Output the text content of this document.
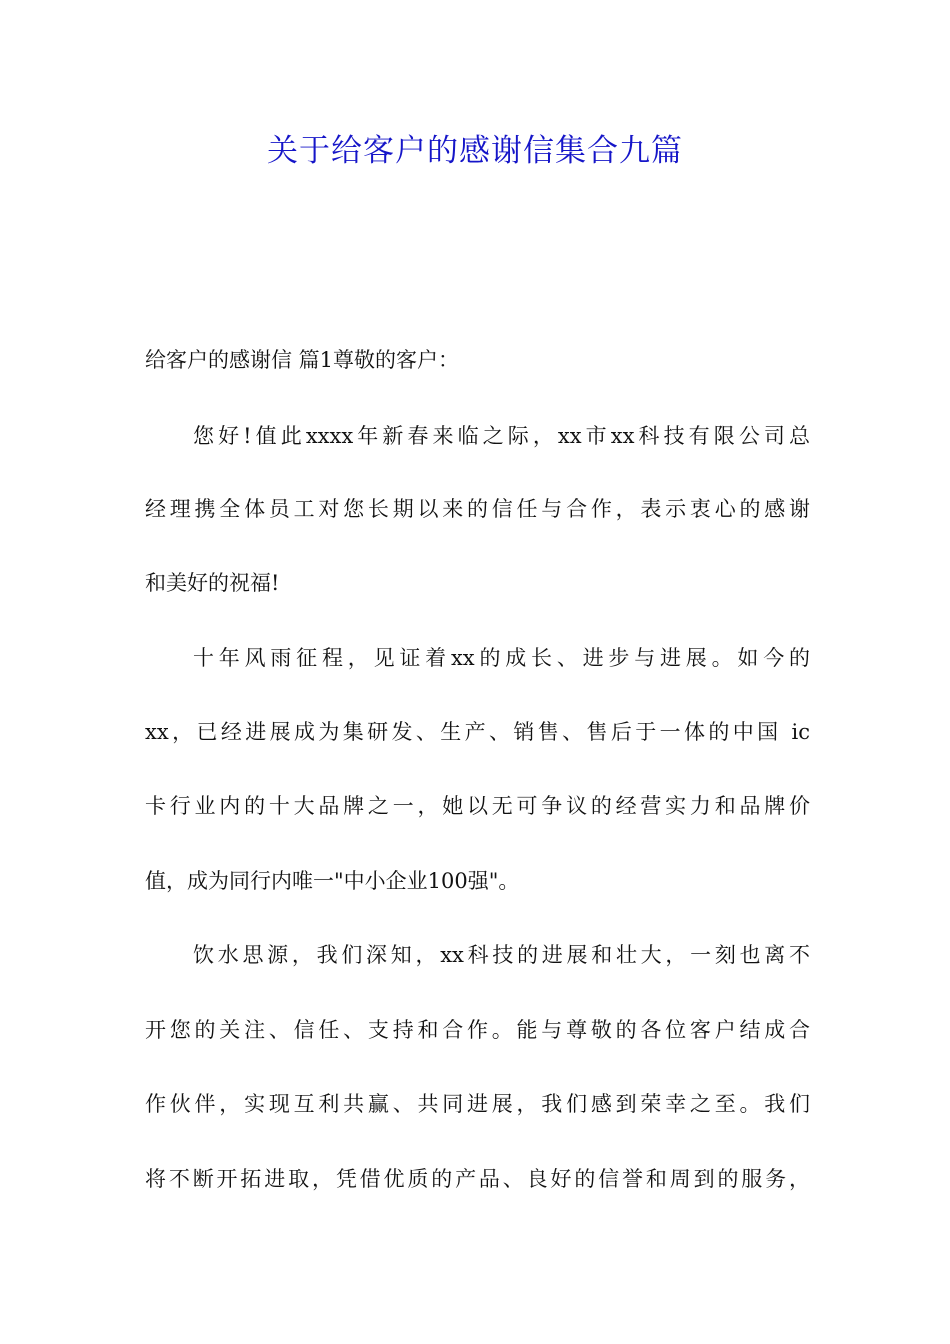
关于给客户的感谢信集合九篇

给客户的感谢信 篇1尊敬的客户：

您好!值此xxxx年新春来临之际，xx市xx科技有限公司总

经理携全体员工对您长期以来的信任与合作，表示衷心的感谢

和美好的祝福!

十年风雨征程，见证着xx的成长、进步与进展。如今的

xx，已经进展成为集研发、生产、销售、售后于一体的中国 ic

卡行业内的十大品牌之一，她以无可争议的经营实力和品牌价

值，成为同行内唯一"中小企业100强"。

饮水思源，我们深知，xx科技的进展和壮大，一刻也离不

开您的关注、信任、支持和合作。能与尊敬的各位客户结成合

作伙伴，实现互利共赢、共同进展，我们感到荣幸之至。我们

将不断开拓进取，凭借优质的产品、良好的信誉和周到的服务，
